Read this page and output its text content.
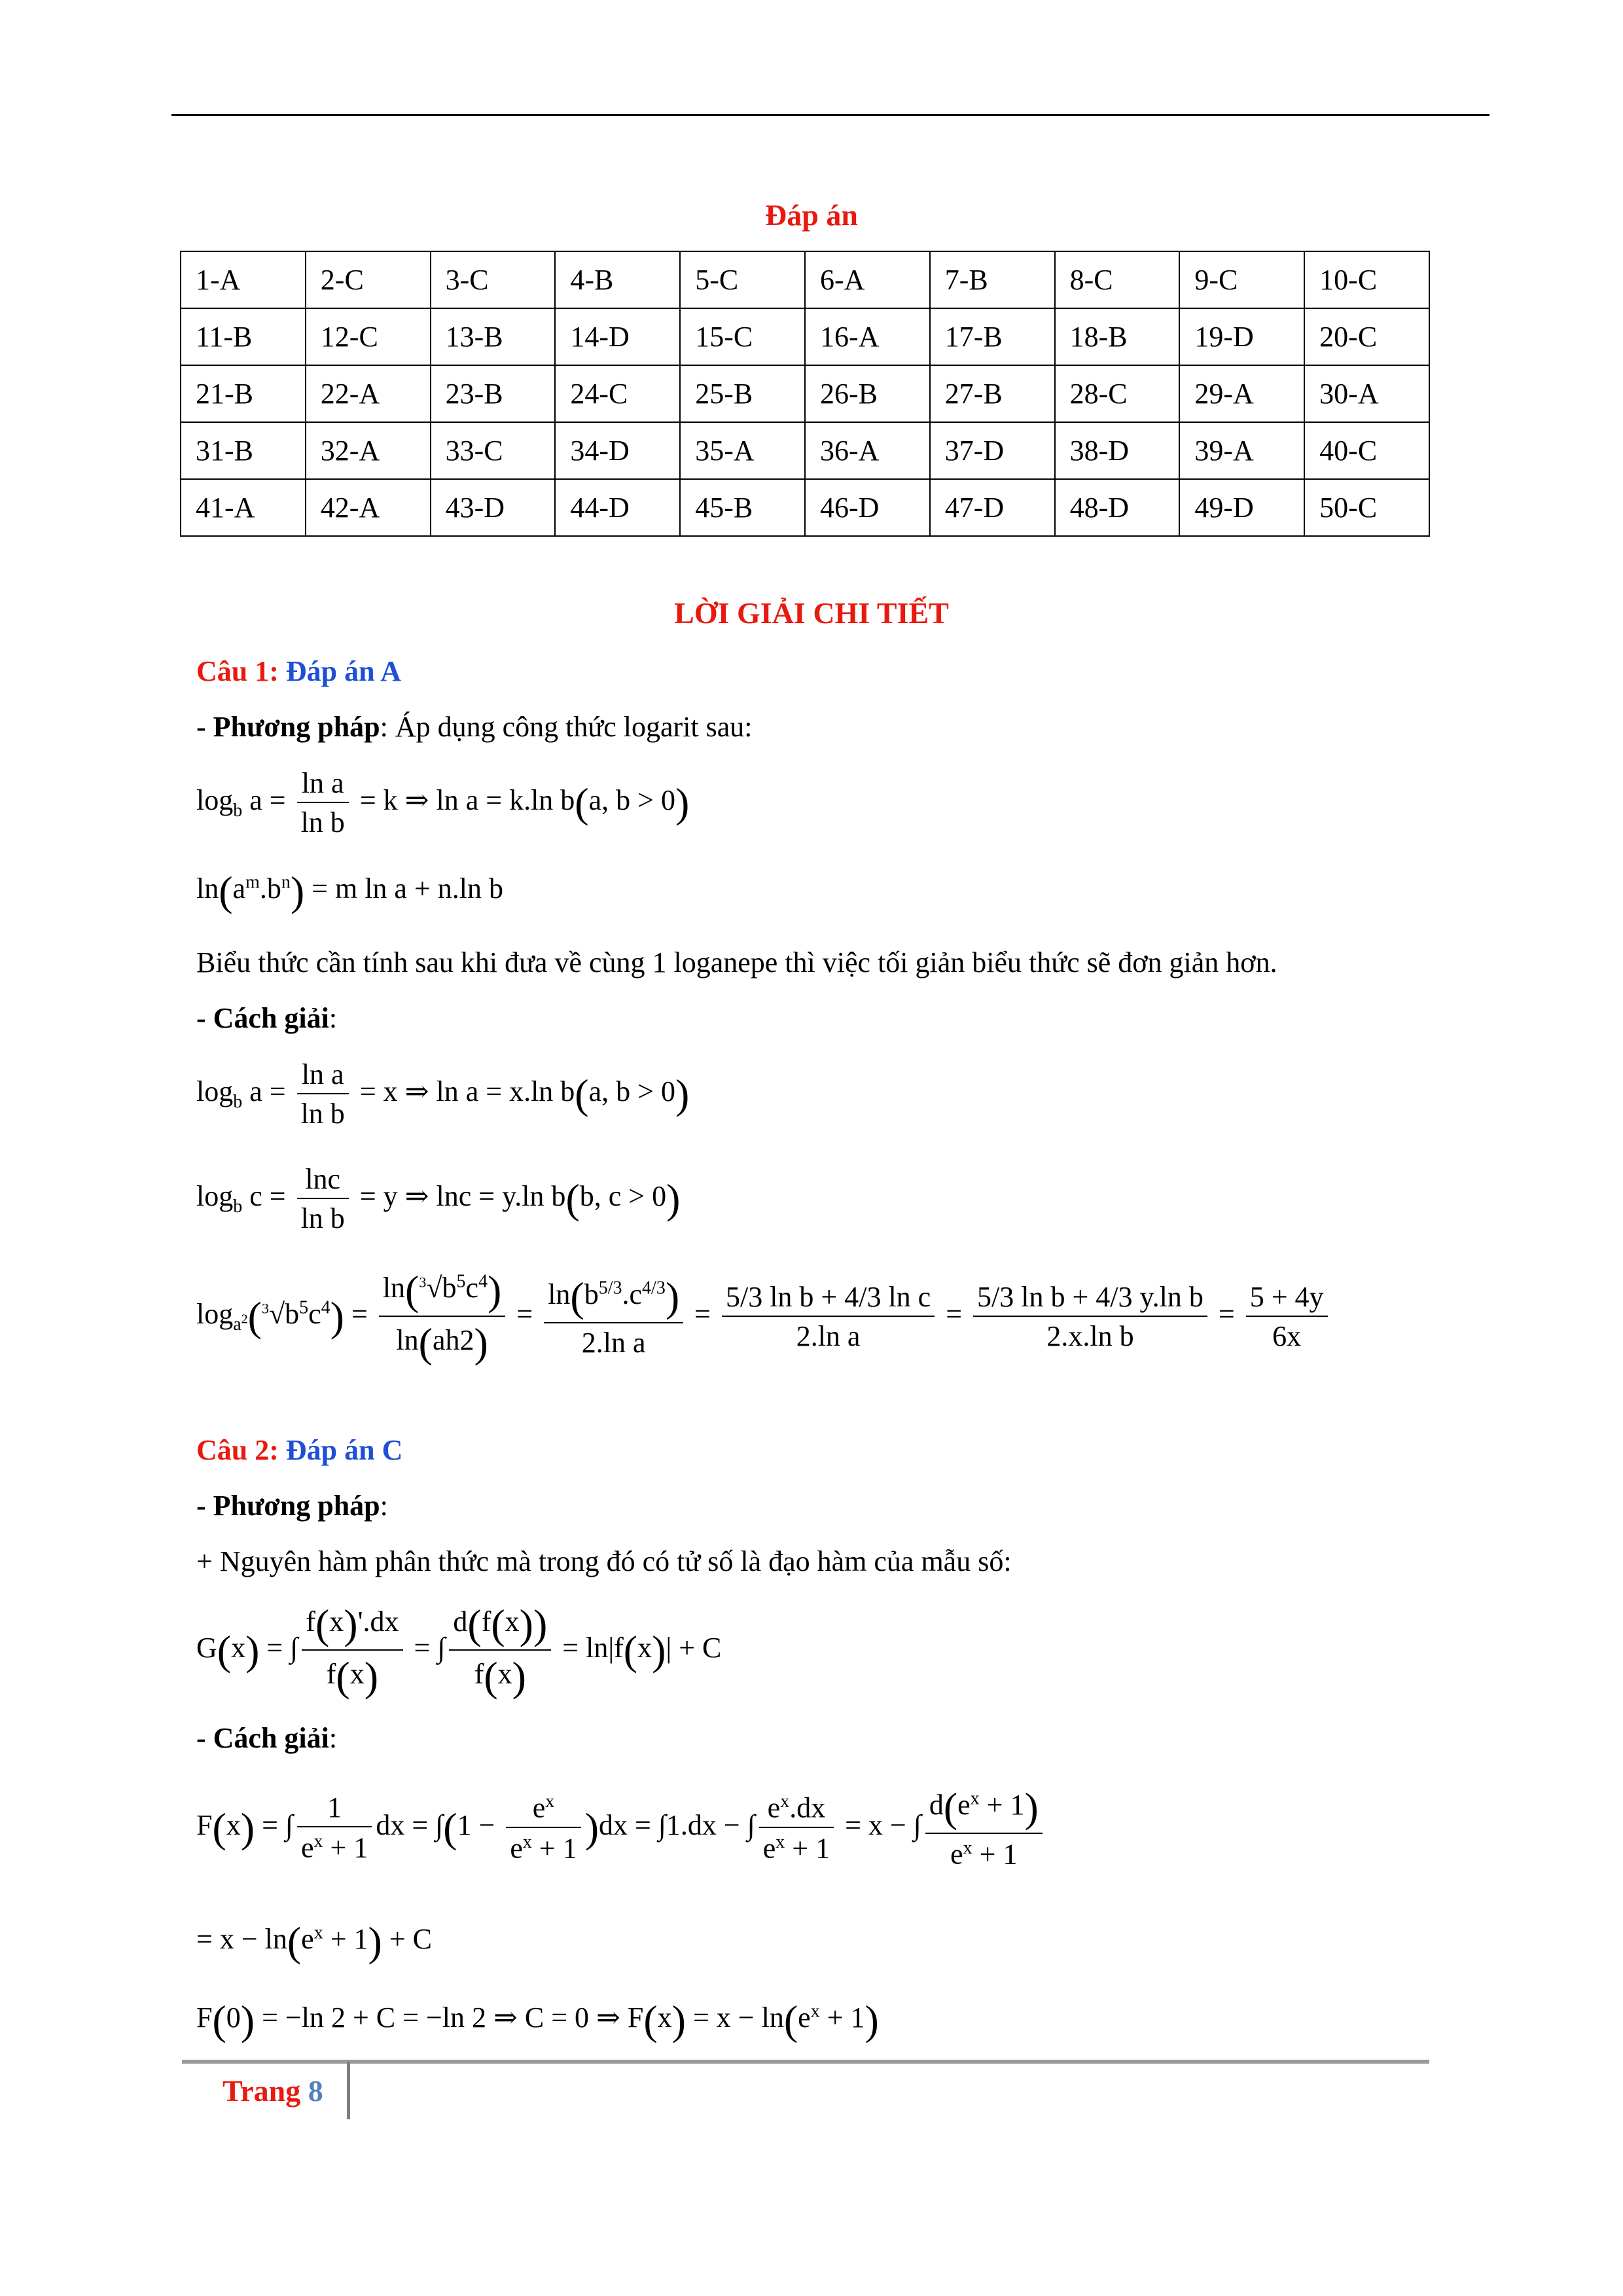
Đáp án
1-A	2-C	3-C	4-B	5-C	6-A	7-B	8-C	9-C	10-C
11-B	12-C	13-B	14-D	15-C	16-A	17-B	18-B	19-D	20-C
21-B	22-A	23-B	24-C	25-B	26-B	27-B	28-C	29-A	30-A
31-B	32-A	33-C	34-D	35-A	36-A	37-D	38-D	39-A	40-C
41-A	42-A	43-D	44-D	45-B	46-D	47-D	48-D	49-D	50-C
LỜI GIẢI CHI TIẾT
Câu 1: Đáp án A
- Phương pháp: Áp dụng công thức logarit sau:
$\log_b a = \frac{\text{ln a}}{\text{ln b}} = k$ ⇒ ln a = k.ln b(a, b > 0)
$\ln(a^m.b^n) = m$ ln a + n.ln b
Biểu thức cần tính sau khi đưa về cùng 1 loganepe thì việc tối giản biểu thức sẽ đơn giản hơn.
- Cách giải:
$\log_b a = \frac{\text{ln a}}{\text{ln b}} = x$ ⇒ ln a = x.ln b(a, b > 0)
$\log_b c = \frac{\ln c}{\text{ln b}} = y$ ⇒ lnc = y.ln b(b, c > 0)
$\log_{a^2}(^3√b^5c^4) = \frac{\ln(^3√b^5c^4)}{\ln(ah2)} = \frac{\ln(b^{5/3}.c^{4/3})}{\text{2.ln a}} = \frac{\text{5/3 ln b + 4/3 ln c}}{\text{2.ln a}} = \frac{\text{5/3 ln b + 4/3 y.ln b}}{\text{2.x.ln b}} = \frac{5 + 4y}{6x}$
Câu 2: Đáp án C
- Phương pháp:
+ Nguyên hàm phân thức mà trong đó có tử số là đạo hàm của mẫu số:
G(x) = ∫ $\frac{f(x)'.dx}{f(x)}$ = ∫ $\frac{d(f(x))}{f(x)} = \ln|f(x)| + C$
- Cách giải:
F(x) = ∫ $\frac{1}{e^x + 1}$ dx = $\int(1 - \frac{e^x}{e^x + 1} )dx = \int 1.dx$ − ∫ $\frac{e^x.dx}{e^x + 1} = x$ − ∫ $\frac{d(e^x + 1)}{e^x + 1}$
= $x - \ln(e^x + 1) + C$
F(0) = −ln 2 + C = −ln 2 ⇒ C = 0 ⇒ $F(x) = x - \ln(e^x + 1)$
Trang 8
